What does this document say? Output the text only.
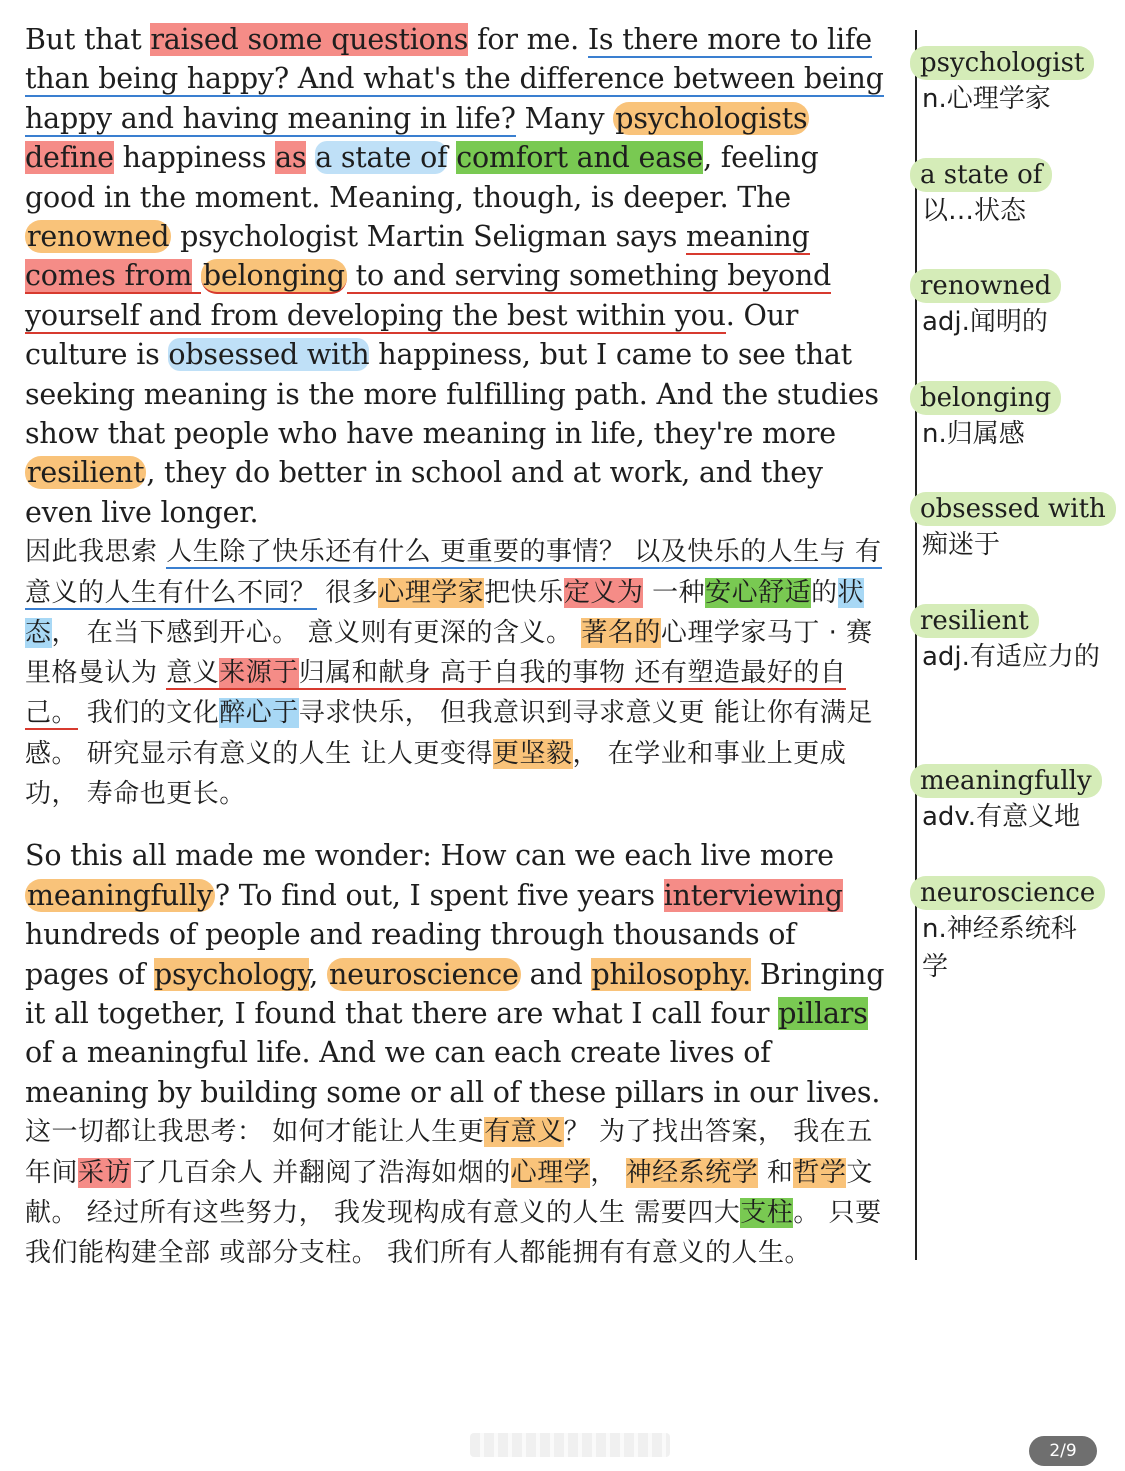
But that raised some questions for me. Is there more to life than being happy? And what's the difference between being happy and having meaning in life? Many psychologists define happiness as a state of comfort and ease, feeling good in the moment. Meaning, though, is deeper. The renowned psychologist Martin Seligman says meaning comes from belonging to and serving something beyond yourself and from developing the best within you. Our culture is obsessed with happiness, but I came to see that seeking meaning is the more fulfilling path. And the studies show that people who have meaning in life, they're more resilient, they do better in school and at work, and they even live longer.

因此我思索 人生除了快乐还有什么 更重要的事情？ 以及快乐的人生与 有意义的人生有什么不同？ 很多心理学家把快乐定义为 一种安心舒适的状态， 在当下感到开心。 意义则有更深的含义。 著名的心理学家马丁 · 赛里格曼认为 意义来源于归属和献身 高于自我的事物 还有塑造最好的自己。 我们的文化醉心于寻求快乐， 但我意识到寻求意义更 能让你有满足感。 研究显示有意义的人生 让人更变得更坚毅， 在学业和事业上更成功， 寿命也更长。

So this all made me wonder: How can we each live more meaningfully? To find out, I spent five years interviewing hundreds of people and reading through thousands of pages of psychology, neuroscience and philosophy. Bringing it all together, I found that there are what I call four pillars of a meaningful life. And we can each create lives of meaning by building some or all of these pillars in our lives.

这一切都让我思考： 如何才能让人生更有意义？ 为了找出答案， 我在五年间采访了几百余人 并翻阅了浩海如烟的心理学， 神经系统学 和哲学文献。 经过所有这些努力， 我发现构成有意义的人生 需要四大支柱。 只要我们能构建全部 或部分支柱。 我们所有人都能拥有有意义的人生。

psychologist
n.心理学家
a state of
以…状态
renowned
adj.闻明的
belonging
n.归属感
obsessed with
痴迷于
resilient
adj.有适应力的
meaningfully
adv.有意义地
neuroscience
n.神经系统科
学
2/9
